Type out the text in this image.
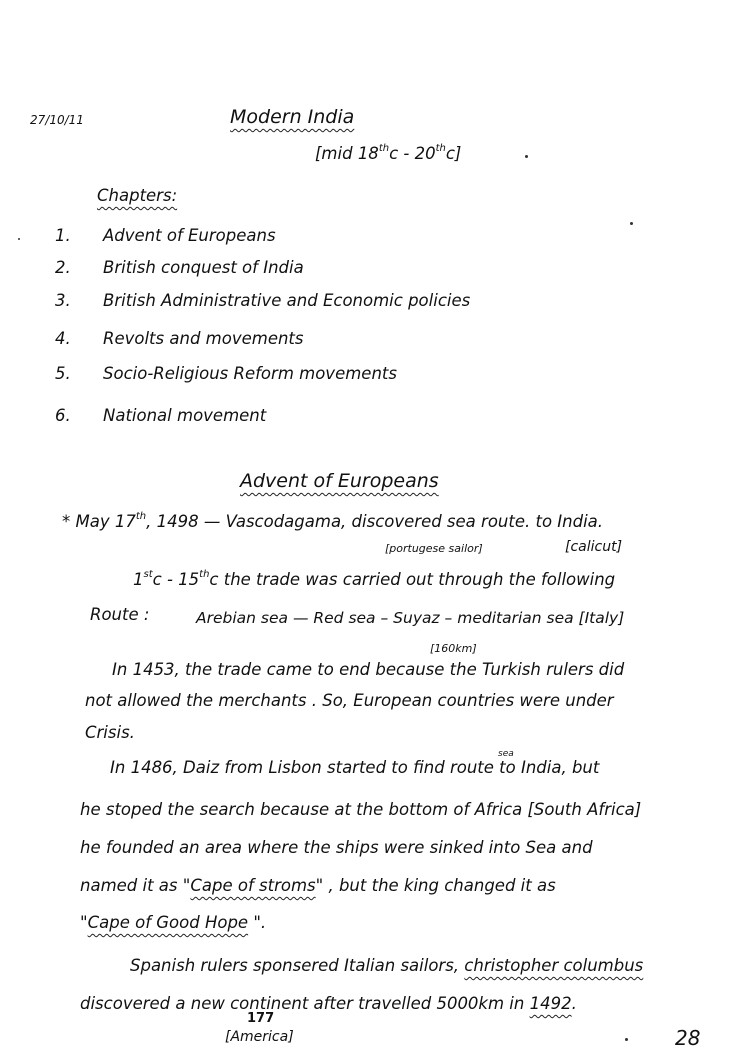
27/10/11	Modern India
[mid 18thc - 20thc]
Chapters:
1. Advent of Europeans
2. British conquest of India
3. British Administrative and Economic policies
4. Revolts and movements
5. Socio-Religious Reform movements
6. National movement
Advent of Europeans
* May 17th, 1498 — Vascodagama, discovered sea route. to India.
[portugese sailor]	[calicut]
1stc - 15thc the trade was carried out through the following
Route :	Arebian sea — Red sea – Suyaz – meditarian sea [Italy]
[160km]
In 1453, the trade came to end because the Turkish rulers did
not allowed the merchants . So, European countries were under
Crisis.
sea
In 1486, Daiz from Lisbon started to find route to India, but
he stoped the search because at the bottom of Africa [South Africa]
he founded an area where the ships were sinked into Sea and
named it as "Cape of stroms" , but the king changed it as
"Cape of Good Hope ".
Spanish rulers sponsered Italian sailors, christopher columbus
discovered a new continent after travelled 5000km in 1492.
177
[America]	28
